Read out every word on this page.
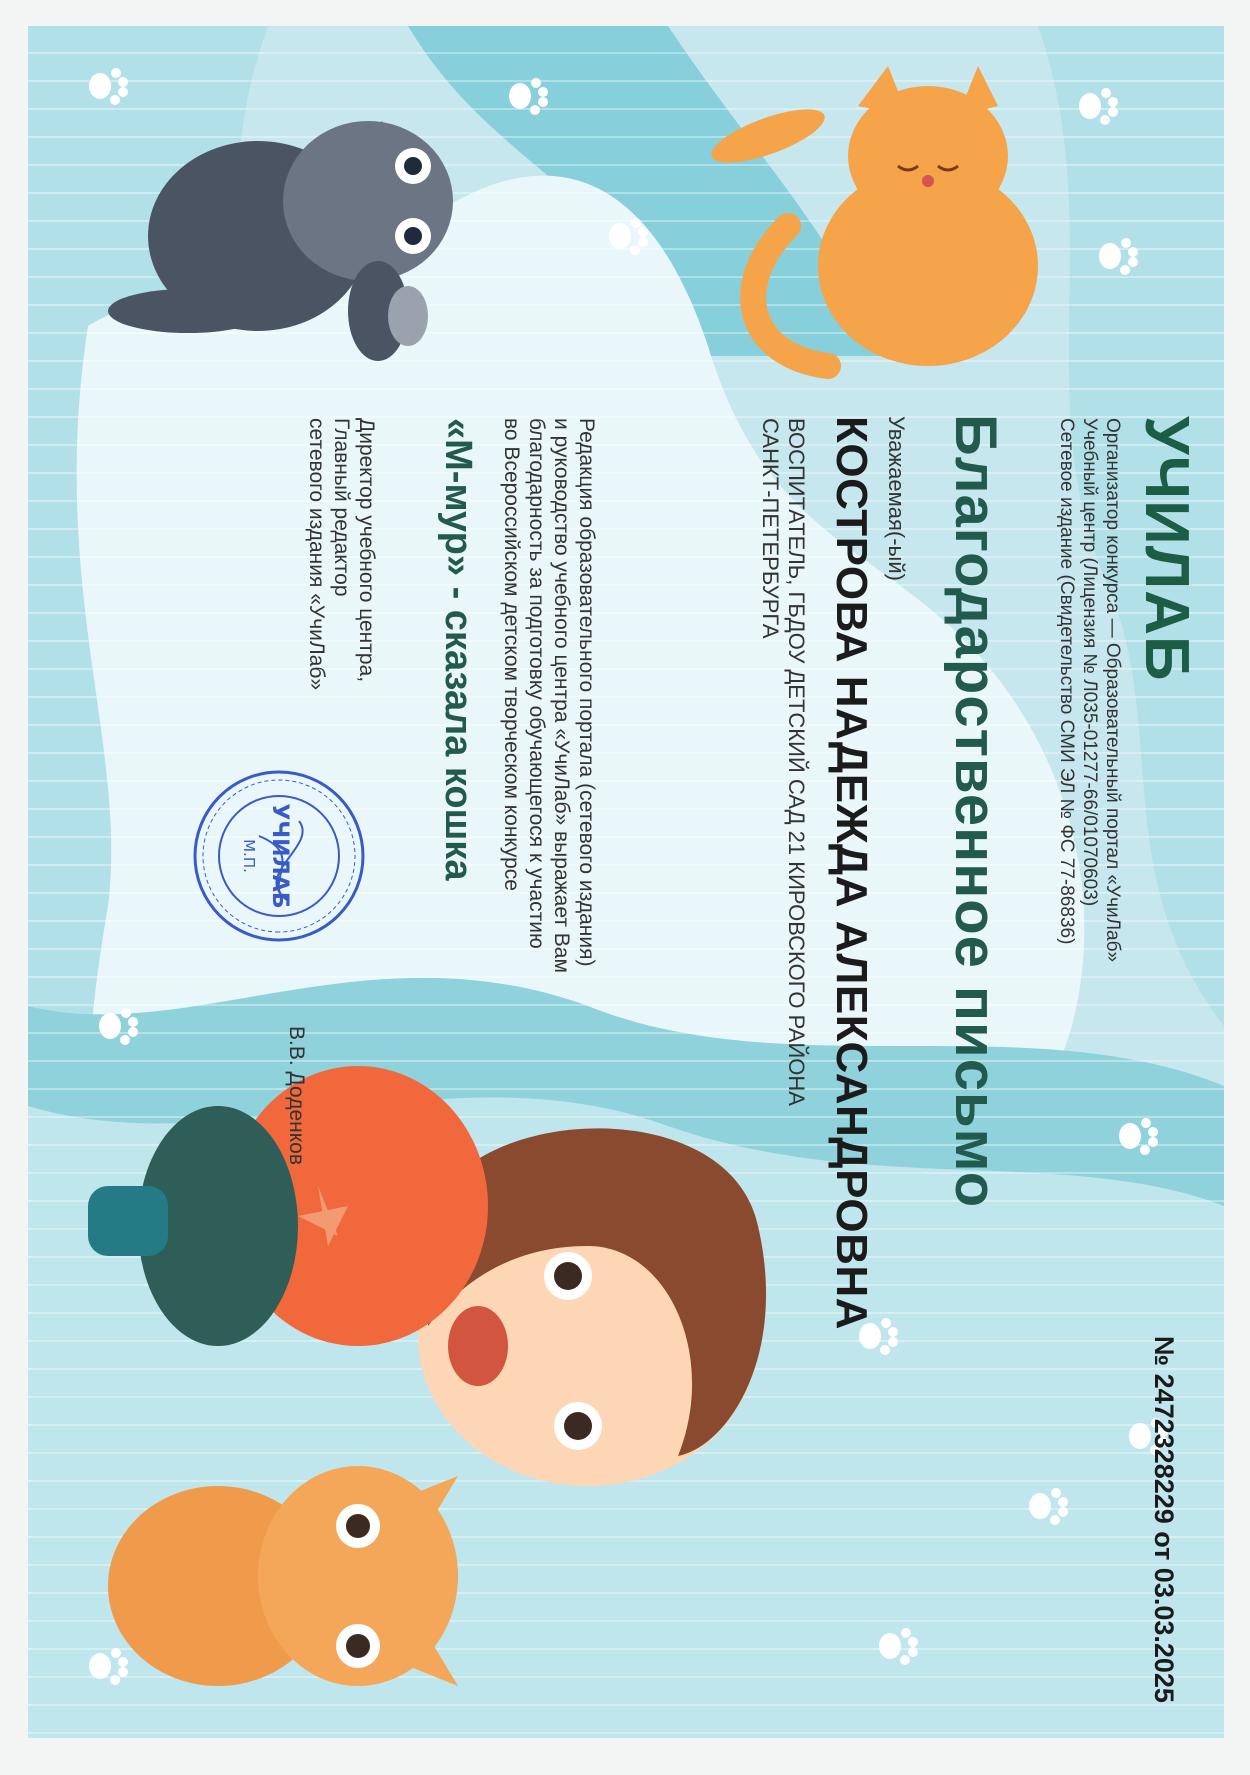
№ 2472328229 от 03.03.2025
УЧИЛАБ
Организатор конкурса — Образовательный портал «УчиЛаб»
Учебный центр (Лицензия № Л035-01277-66/01070603)
Сетевое издание (Свидетельство СМИ ЭЛ № ФС 77-86836)
Благодарственное письмо
Уважаемая(-ый)
КОСТРОВА НАДЕЖДА АЛЕКСАНДРОВНА
ВОСПИТАТЕЛЬ, ГБДОУ ДЕТСКИЙ САД 21 КИРОВСКОГО РАЙОНА
САНКТ-ПЕТЕРБУРГА
Редакция образовательного портала (сетевого издания)
и руководство учебного центра «УчиЛаб» выражает Вам
благодарность за подготовку обучающегося к участию
во Всероссийском детском творческом конкурсе
«М-мур» - сказала кошка
Директор учебного центра,
Главный редактор
сетевого издания «УчиЛаб»
УЧИЛАБ
М.П.
В.В. Доденков
